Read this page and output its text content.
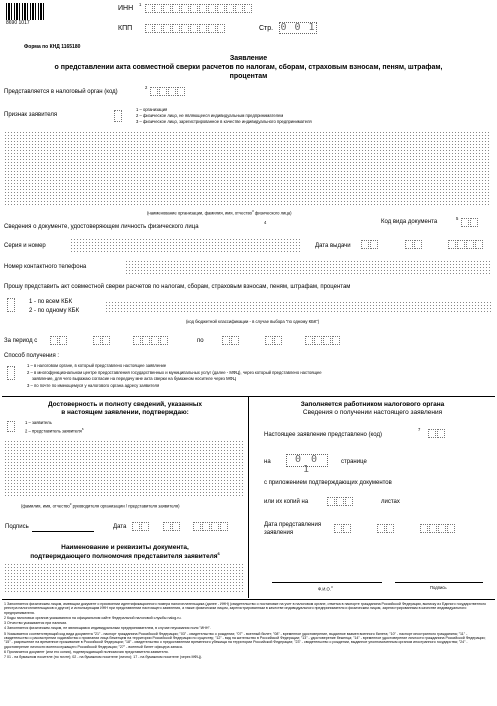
8690 1017
ИНН
1
КПП	Стр. 0 0 1
Форма по КНД 1165180
Заявление
о представлении акта совместной сверки расчетов по налогам, сборам, страховым взносам, пеням, штрафам,
процентам
Представляется в налоговый орган (код)
2
Признак заявителя
1 – организация
2 – физическое лицо, не являющееся индивидуальным предпринимателем
3 – физическое лицо, зарегистрированное в качестве индивидуального предпринимателя
(наименование организации, фамилия, имя, отчество$^3$ физического лица)
Сведения о документе, удостоверяющем личность физического лица
4	Код вида документа
5
Серия и номер	Дата выдачи
Номер контактного телефона
Прошу представить акт совместной сверки расчетов по налогам, сборам, страховым взносам, пеням, штрафам, процентам
1 - по всем КБК
2 - по одному КБК
(код бюджетной классификации - в случае выбора "по одному КБК")
За период с	по
Способ получения :
1 – в налоговом органе, в который представлено настоящее заявление
2 – в многофункциональном центре предоставления государственных и муниципальных услуг (далее - МФЦ), через который представлено настоящее
заявление, для чего выражаю согласие на передачу мне акта сверки на бумажном носителе через МФЦ
3 – по почте по имеющемуся у налогового органа адресу заявителя
Достоверность и полноту сведений, указанных
в настоящем заявлении, подтверждаю:
1 – заявитель
2 – представитель заявителя$^6$
(фамилия, имя, отчество$^3$ руководителя организации / представителя заявителя)
Подпись	Дата
Наименование и реквизиты документа,
подтверждающего полномочия представителя заявителя$^6$
Заполняется работником налогового органа
Сведения о получении настоящего заявления
Настоящее заявление представлено (код)
7
на	0 0 1
странице
с приложением подтверждающих документов
или их копий на	листах
Дата представления
заявления
Ф.И.О.$^3$	Подпись
1 Заполняется физическим лицом, имеющим документ о присвоении идентификационного номера налогоплательщика (далее - ИНН) (свидетельство о постановке на учет в налоговом органе, отметка в паспорте гражданина Российской Федерации, выписку из Единого государственного реестра налогоплательщиков и другое) и использующим ИНН при представлении настоящего заявления, а также физическим лицом, зарегистрированным в качестве индивидуального предпринимателя и физическим лицом, зарегистрированным в качестве индивидуального предпринимателя.
2 Коды налоговых органов указываются на официальном сайте Федеральной налоговой службы nalog.ru.
3 Отчество указывается при наличии.
4 Заполняется физическим лицом, не являющимся индивидуальным предпринимателем, в случае неуказания поля "ИНН".
5 Указывается соответствующий код вида документа "21" - паспорт гражданина Российской Федерации; "03" - свидетельство о рождении; "07" - военный билет; "08" - временное удостоверение, выданное взамен военного билета; "10" - паспорт иностранного гражданина; "11" - свидетельство о рассмотрении ходатайства о признании лица беженцем на территории Российской Федерации по существу; "12" - вид на жительство в Российской Федерации; "13" - удостоверение беженца; "14" - временное удостоверение личности гражданина Российской Федерации; "15" - разрешение на временное проживание в Российской Федерации; "18" - свидетельство о предоставлении временного убежища на территории Российской Федерации; "23" - свидетельство о рождении, выданное уполномоченным органом иностранного государства; "24" - удостоверение личности военнослужащего Российской Федерации; "27" - военный билет офицера запаса.
6 Прилагается документ (или его копия), подтверждающий полномочия представителя заявителя.
7 01 - на бумажном носителе (по почте); 02 - на бумажном носителе (лично); 17 - на бумажном носителе (через МФЦ).
